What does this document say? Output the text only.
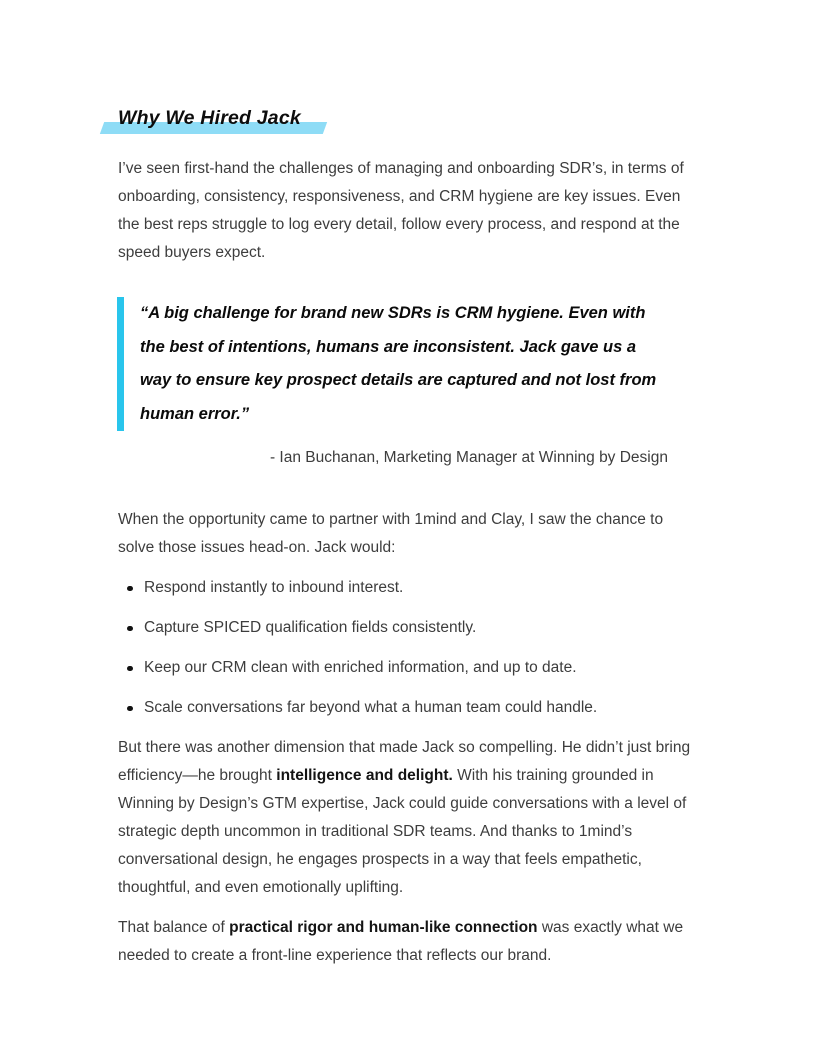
Why We Hired Jack

I’ve seen first-hand the challenges of managing and onboarding SDR’s, in terms of onboarding, consistency, responsiveness, and CRM hygiene are key issues. Even the best reps struggle to log every detail, follow every process, and respond at the speed buyers expect.

“A big challenge for brand new SDRs is CRM hygiene. Even with the best of intentions, humans are inconsistent. Jack gave us a way to ensure key prospect details are captured and not lost from human error.”

- Ian Buchanan, Marketing Manager at Winning by Design

When the opportunity came to partner with 1mind and Clay, I saw the chance to solve those issues head-on. Jack would:

Respond instantly to inbound interest.
Capture SPICED qualification fields consistently.
Keep our CRM clean with enriched information, and up to date.
Scale conversations far beyond what a human team could handle.

But there was another dimension that made Jack so compelling. He didn’t just bring efficiency—he brought intelligence and delight. With his training grounded in Winning by Design’s GTM expertise, Jack could guide conversations with a level of strategic depth uncommon in traditional SDR teams. And thanks to 1mind’s conversational design, he engages prospects in a way that feels empathetic, thoughtful, and even emotionally uplifting.

That balance of practical rigor and human-like connection was exactly what we needed to create a front-line experience that reflects our brand.
